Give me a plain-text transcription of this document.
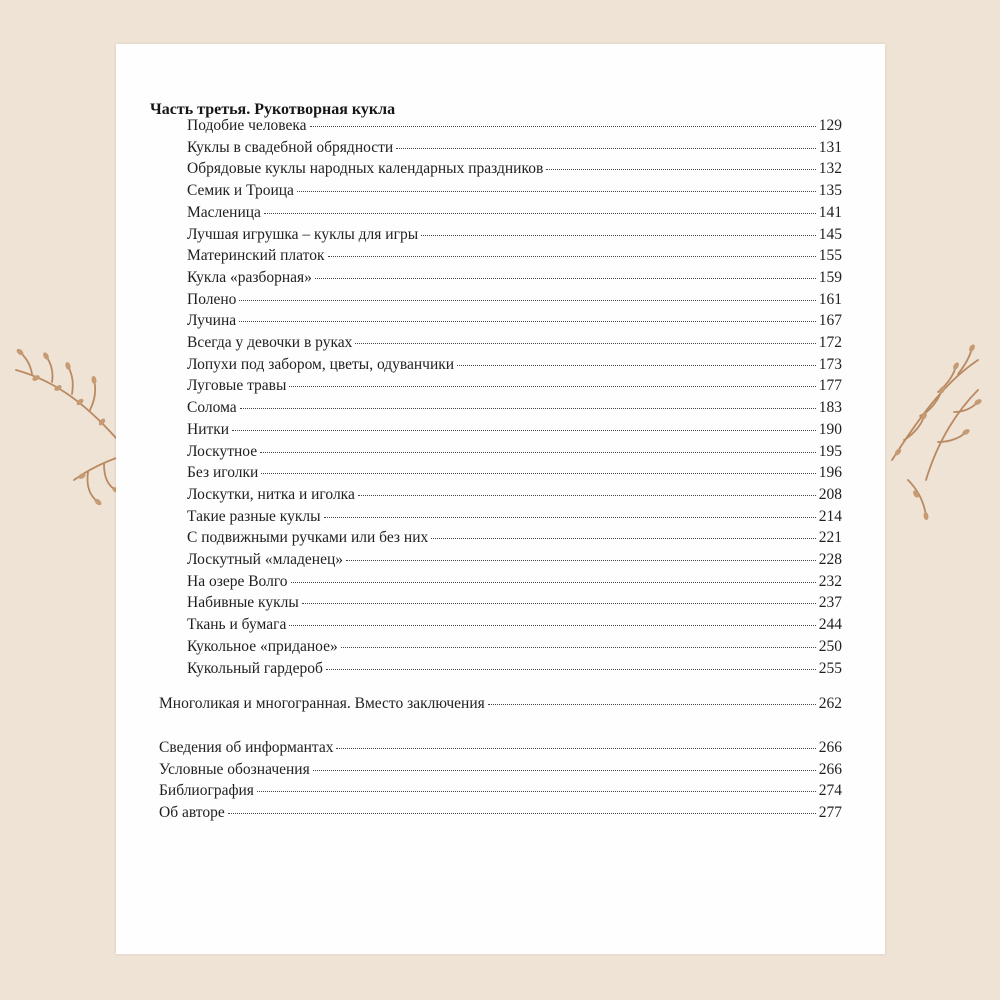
Часть третья. Рукотворная кукла
Подобие человека	129
Куклы в свадебной обрядности	131
Обрядовые куклы народных календарных праздников	132
Семик и Троица	135
Масленица	141
Лучшая игрушка – куклы для игры	145
Материнский платок	155
Кукла «разборная»	159
Полено	161
Лучина	167
Всегда у девочки в руках	172
Лопухи под забором, цветы, одуванчики	173
Луговые травы	177
Солома	183
Нитки	190
Лоскутное	195
Без иголки	196
Лоскутки, нитка и иголка	208
Такие разные куклы	214
С подвижными ручками или без них	221
Лоскутный «младенец»	228
На озере Волго	232
Набивные куклы	237
Ткань и бумага	244
Кукольное «приданое»	250
Кукольный гардероб	255
Многоликая и многогранная. Вместо заключения	262
Сведения об информантах	266
Условные обозначения	266
Библиография	274
Об авторе	277
